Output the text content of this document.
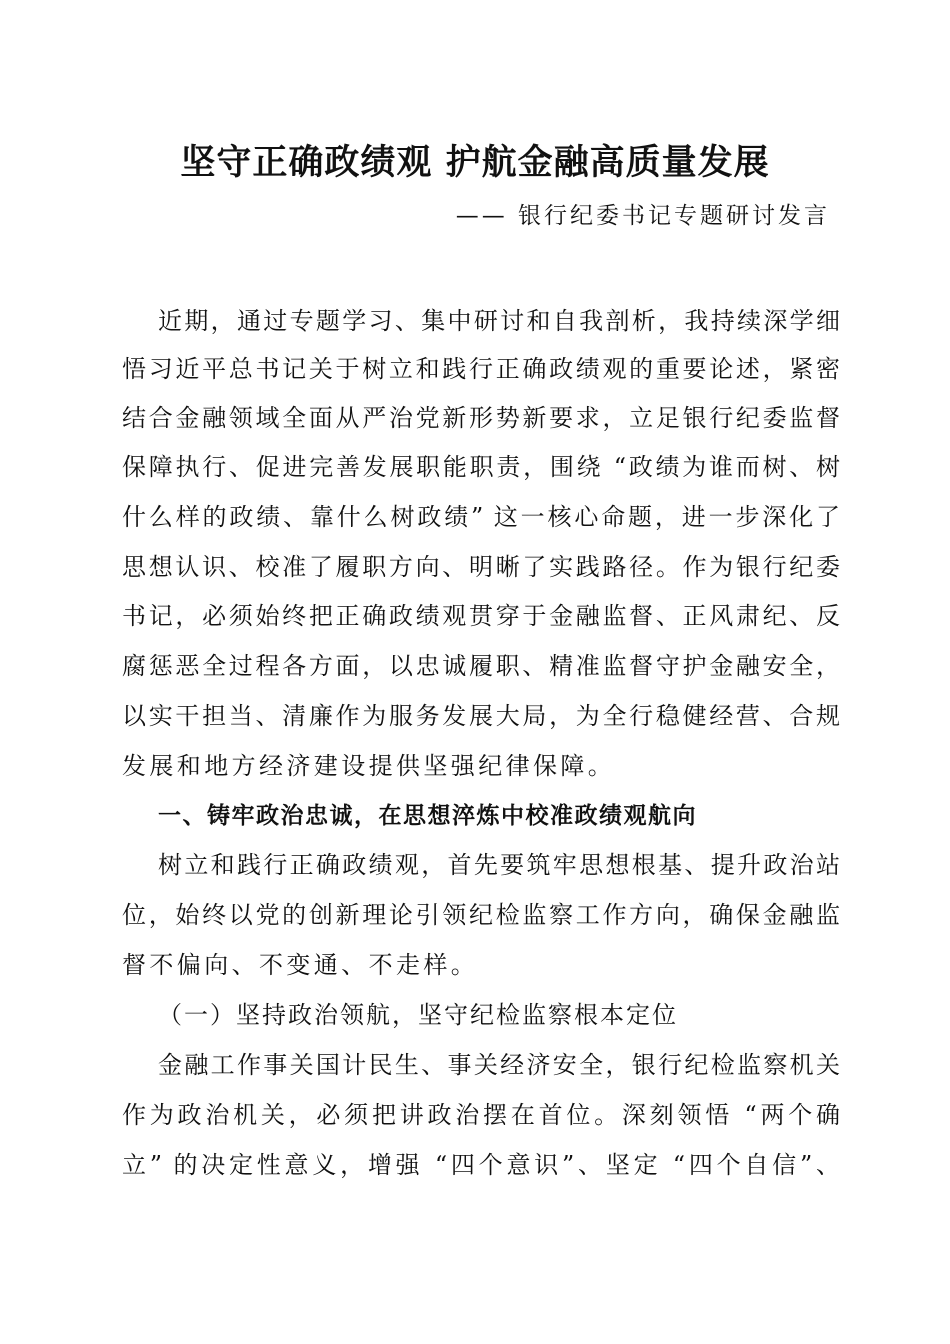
坚守正确政绩观 护航金融高质量发展
—— 银行纪委书记专题研讨发言
近期，通过专题学习、集中研讨和自我剖析，我持续深学细
悟习近平总书记关于树立和践行正确政绩观的重要论述，紧密
结合金融领域全面从严治党新形势新要求，立足银行纪委监督
保障执行、促进完善发展职能职责，围绕 “政绩为谁而树、树
什么样的政绩、靠什么树政绩” 这一核心命题，进一步深化了
思想认识、校准了履职方向、明晰了实践路径。作为银行纪委
书记，必须始终把正确政绩观贯穿于金融监督、正风肃纪、反
腐惩恶全过程各方面，以忠诚履职、精准监督守护金融安全，
以实干担当、清廉作为服务发展大局，为全行稳健经营、合规
发展和地方经济建设提供坚强纪律保障。
一、铸牢政治忠诚，在思想淬炼中校准政绩观航向
树立和践行正确政绩观，首先要筑牢思想根基、提升政治站
位，始终以党的创新理论引领纪检监察工作方向，确保金融监
督不偏向、不变通、不走样。
（一）坚持政治领航，坚守纪检监察根本定位
金融工作事关国计民生、事关经济安全，银行纪检监察机关
作为政治机关，必须把讲政治摆在首位。深刻领悟 “两个确
立” 的决定性意义，增强 “四个意识”、坚定 “四个自信”、
